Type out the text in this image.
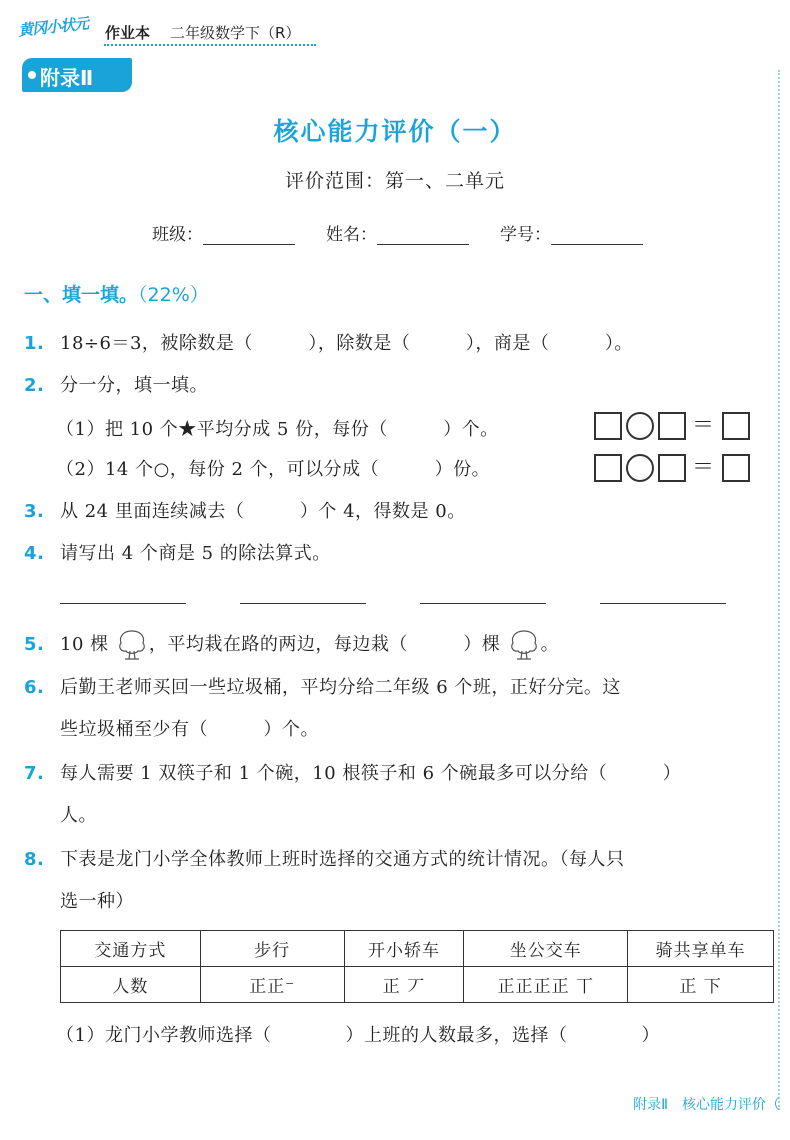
黄冈小状元 作业本 二年级数学下（R）
附录Ⅱ
核心能力评价（一）
评价范围：第一、二单元
班级：	姓名：	学号：
一、填一填。（22%）
1. 18÷6＝3，被除数是（　　　），除数是（　　　），商是（　　　）。
2. 分一分，填一填。
（1）把 10 个★平均分成 5 份，每份（　　　）个。	＝
（2）14 个○，每份 2 个，可以分成（　　　）份。	＝
3. 从 24 里面连续减去（　　　）个 4，得数是 0。
4. 请写出 4 个商是 5 的除法算式。
5. 10 棵 ，平均栽在路的两边，每边栽（　　　）棵 。
6. 后勤王老师买回一些垃圾桶，平均分给二年级 6 个班，正好分完。这
些垃圾桶至少有（　　　）个。
7. 每人需要 1 双筷子和 1 个碗，10 根筷子和 6 个碗最多可以分给（　　　）
人。
8. 下表是龙门小学全体教师上班时选择的交通方式的统计情况。（每人只
选一种）
交通方式	步行	开小轿车	坐公交车	骑共享单车
人数	正正⁻	正 丆	正正正正 丅	正 下
（1）龙门小学教师选择（　　　　）上班的人数最多，选择（　　　　）
附录Ⅱ　核心能力评价（
